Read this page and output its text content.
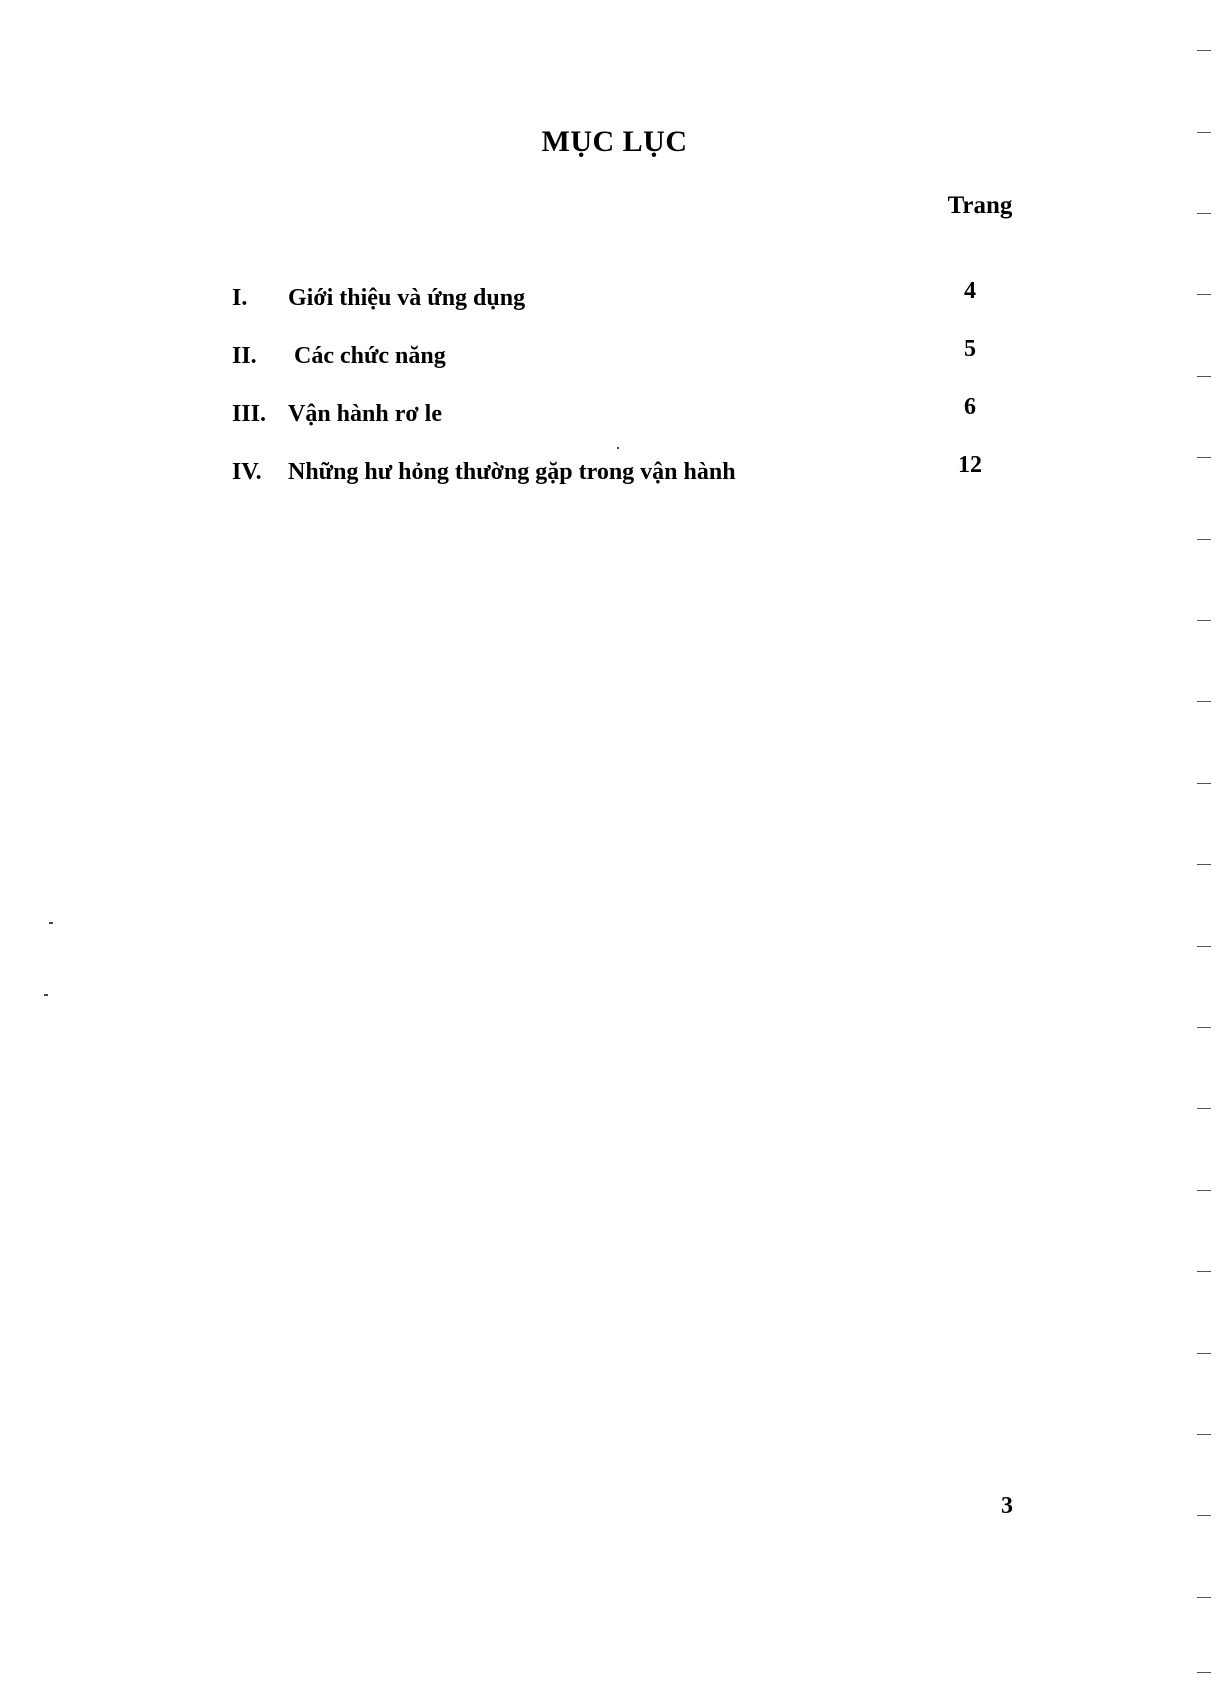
MỤC LỤC
Trang
I.	Giới thiệu và ứng dụng	4
II.	Các chức năng	5
III. Vận hành rơ le	6
IV.	Những hư hỏng thường gặp trong vận hành	12
3
